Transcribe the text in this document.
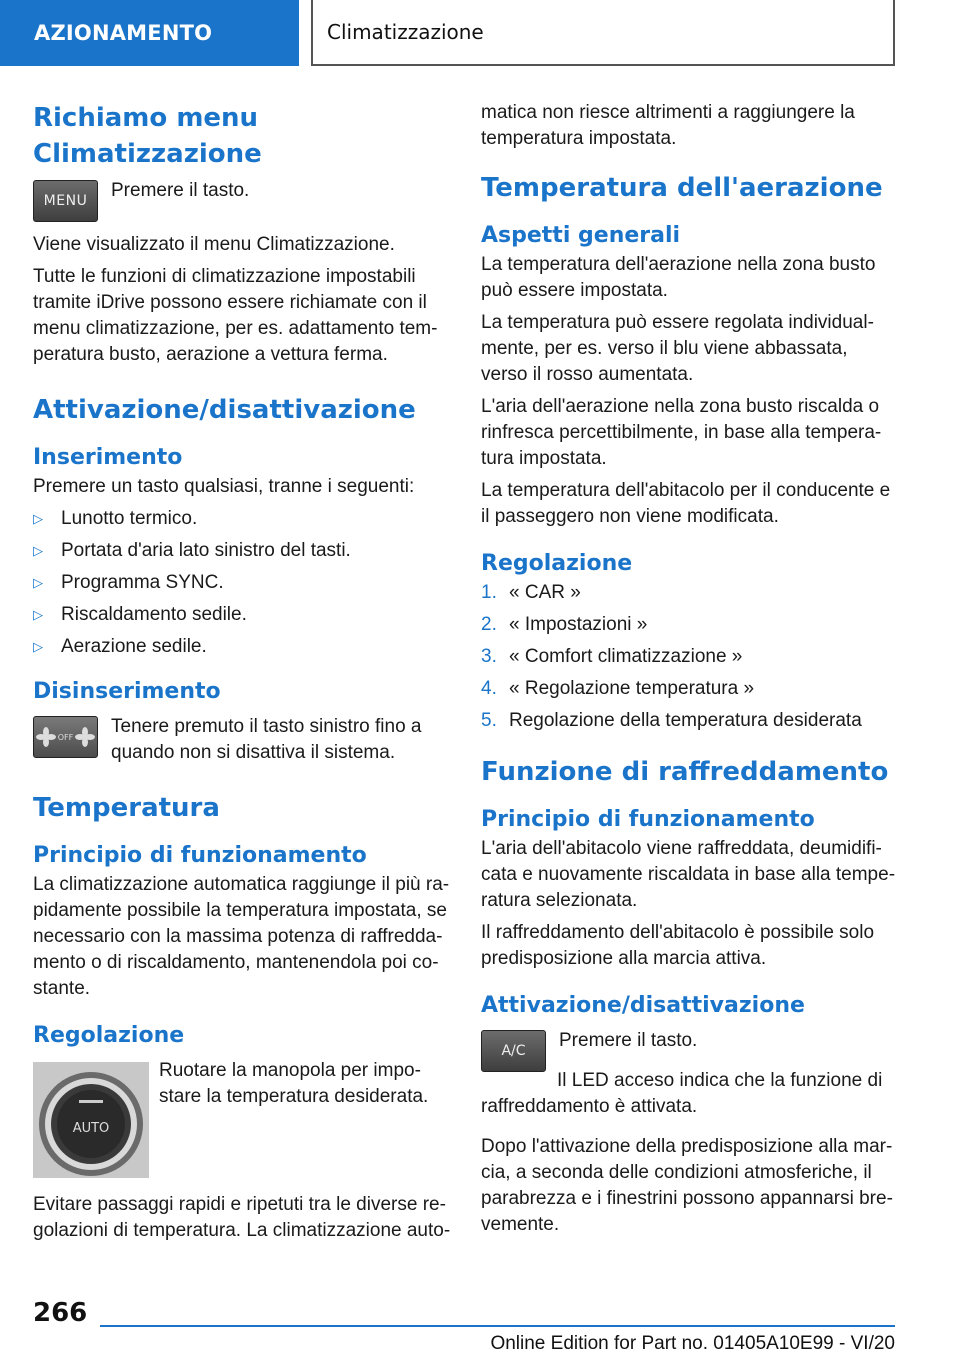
AZIONAMENTO	Climatizzazione
Richiamo menu Climatizzazione
MENU Premere il tasto.

Viene visualizzato il menu Climatizzazione.

Tutte le funzioni di climatizzazione impostabili tramite iDrive possono essere richiamate con il menu climatizzazione, per es. adattamento tem-peratura busto, aerazione a vettura ferma.

Attivazione/disattivazione
Inserimento

Premere un tasto qualsiasi, tranne i seguenti:

▷ Lunotto termico.
▷ Portata d'aria lato sinistro del tasti.
▷ Programma SYNC.
▷ Riscaldamento sedile.
▷ Aerazione sedile.
Disinserimento
OFF Tenere premuto il tasto sinistro fino a quando non si disattiva il sistema.

Temperatura
Principio di funzionamento

La climatizzazione automatica raggiunge il più ra-pidamente possibile la temperatura impostata, se necessario con la massima potenza di raffredda-mento o di riscaldamento, mantenendola poi co-stante.

Regolazione
AUTO

Ruotare la manopola per impo-stare la temperatura desiderata.

Evitare passaggi rapidi e ripetuti tra le diverse re-golazioni di temperatura. La climatizzazione auto-

matica non riesce altrimenti a raggiungere la temperatura impostata.

Temperatura dell'aerazione
Aspetti generali

La temperatura dell'aerazione nella zona busto può essere impostata.

La temperatura può essere regolata individual-mente, per es. verso il blu viene abbassata, verso il rosso aumentata.

L'aria dell'aerazione nella zona busto riscalda o rinfresca percettibilmente, in base alla tempera-tura impostata.

La temperatura dell'abitacolo per il conducente e il passeggero non viene modificata.

Regolazione
1. « CAR »
2. « Impostazioni »
3. « Comfort climatizzazione »
4. « Regolazione temperatura »
5. Regolazione della temperatura desiderata
Funzione di raffreddamento
Principio di funzionamento

L'aria dell'abitacolo viene raffreddata, deumidifi-cata e nuovamente riscaldata in base alla tempe-ratura selezionata.

Il raffreddamento dell'abitacolo è possibile solo predisposizione alla marcia attiva.

Attivazione/disattivazione
A/C Premere il tasto.

Il LED acceso indica che la funzione di raffreddamento è attivata.

Dopo l'attivazione della predisposizione alla mar-cia, a seconda delle condizioni atmosferiche, il parabrezza e i finestrini possono appannarsi bre-vemente.

266
Online Edition for Part no. 01405A10E99 - VI/20
